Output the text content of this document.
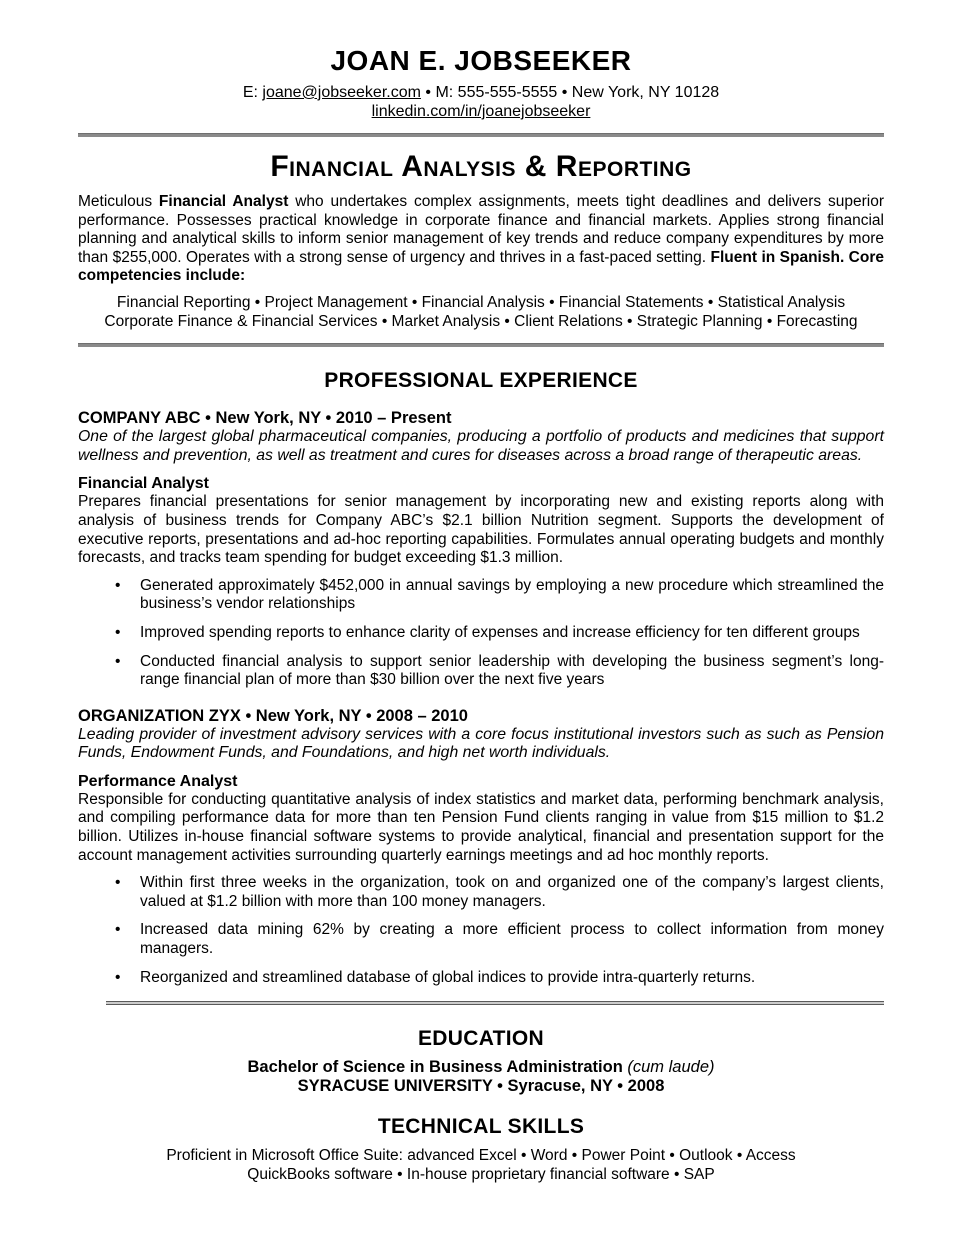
JOAN E. JOBSEEKER
E: joane@jobseeker.com • M: 555-555-5555 • New York, NY 10128
linkedin.com/in/joanejobseeker
Financial Analysis & Reporting

Meticulous Financial Analyst who undertakes complex assignments, meets tight deadlines and delivers superior performance. Possesses practical knowledge in corporate finance and financial markets. Applies strong financial planning and analytical skills to inform senior management of key trends and reduce company expenditures by more than $255,000. Operates with a strong sense of urgency and thrives in a fast-paced setting. Fluent in Spanish. Core competencies include:

Financial Reporting • Project Management • Financial Analysis • Financial Statements • Statistical Analysis
Corporate Finance & Financial Services • Market Analysis • Client Relations • Strategic Planning • Forecasting
PROFESSIONAL EXPERIENCE
COMPANY ABC • New York, NY • 2010 – Present

One of the largest global pharmaceutical companies, producing a portfolio of products and medicines that support wellness and prevention, as well as treatment and cures for diseases across a broad range of therapeutic areas.

Financial Analyst

Prepares financial presentations for senior management by incorporating new and existing reports along with analysis of business trends for Company ABC’s $2.1 billion Nutrition segment. Supports the development of executive reports, presentations and ad-hoc reporting capabilities. Formulates annual operating budgets and monthly forecasts, and tracks team spending for budget exceeding $1.3 million.

• Generated approximately $452,000 in annual savings by employing a new procedure which streamlined the business’s vendor relationships
• Improved spending reports to enhance clarity of expenses and increase efficiency for ten different groups
• Conducted financial analysis to support senior leadership with developing the business segment’s long-range financial plan of more than $30 billion over the next five years
ORGANIZATION ZYX • New York, NY • 2008 – 2010

Leading provider of investment advisory services with a core focus institutional investors such as such as Pension Funds, Endowment Funds, and Foundations, and high net worth individuals.

Performance Analyst

Responsible for conducting quantitative analysis of index statistics and market data, performing benchmark analysis, and compiling performance data for more than ten Pension Fund clients ranging in value from $15 million to $1.2 billion. Utilizes in-house financial software systems to provide analytical, financial and presentation support for the account management activities surrounding quarterly earnings meetings and ad hoc monthly reports.

• Within first three weeks in the organization, took on and organized one of the company’s largest clients, valued at $1.2 billion with more than 100 money managers.
• Increased data mining 62% by creating a more efficient process to collect information from money managers.
• Reorganized and streamlined database of global indices to provide intra-quarterly returns.
EDUCATION
Bachelor of Science in Business Administration (cum laude)
SYRACUSE UNIVERSITY • Syracuse, NY • 2008
TECHNICAL SKILLS
Proficient in Microsoft Office Suite: advanced Excel • Word • Power Point • Outlook • Access
QuickBooks software • In-house proprietary financial software • SAP
